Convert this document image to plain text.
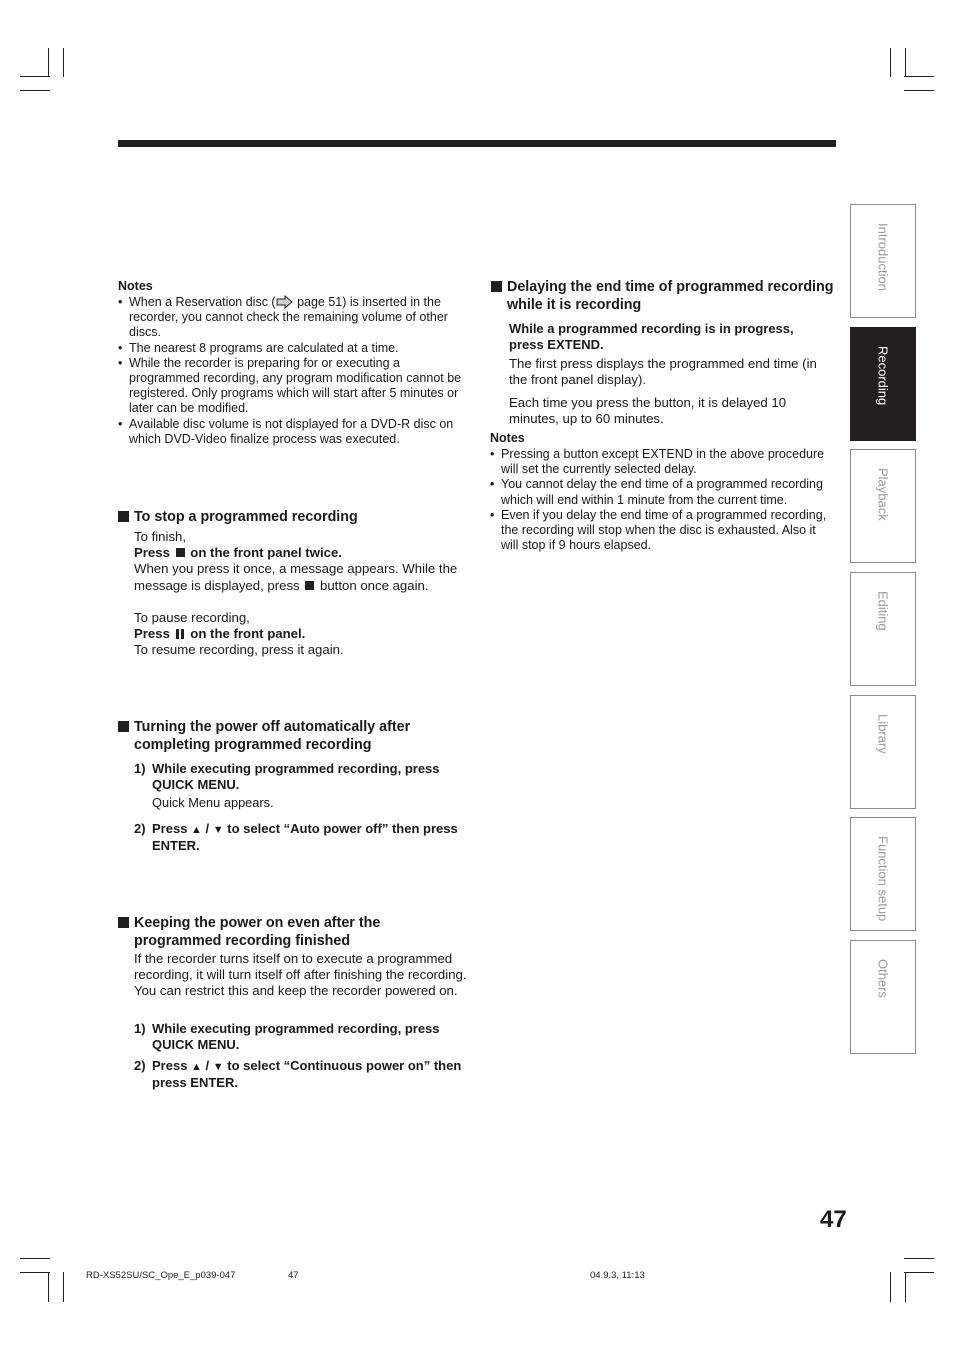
Notes
• When a Reservation disc ( page 51) is inserted in the recorder, you cannot check the remaining volume of other discs.
• The nearest 8 programs are calculated at a time.
• While the recorder is preparing for or executing a programmed recording, any program modification cannot be registered. Only programs which will start after 5 minutes or later can be modified.
• Available disc volume is not displayed for a DVD-R disc on which DVD-Video finalize process was executed.
To stop a programmed recording
To finish,
Press on the front panel twice.
When you press it once, a message appears. While the message is displayed, press button once again.
To pause recording,
Press on the front panel.
To resume recording, press it again.
Turning the power off automatically after
completing programmed recording
1) While executing programmed recording, press QUICK MENU.
Quick Menu appears.
2) Press ▲ / ▼ to select “Auto power off” then press ENTER.
Keeping the power on even after the
programmed recording finished
If the recorder turns itself on to execute a programmed recording, it will turn itself off after finishing the recording. You can restrict this and keep the recorder powered on.
1) While executing programmed recording, press QUICK MENU.
2) Press ▲ / ▼ to select “Continuous power on” then press ENTER.
Delaying the end time of programmed recording
while it is recording
While a programmed recording is in progress, press EXTEND.
The first press displays the programmed end time (in the front panel display).
Each time you press the button, it is delayed 10 minutes, up to 60 minutes.
Notes
• Pressing a button except EXTEND in the above procedure will set the currently selected delay.
• You cannot delay the end time of a programmed recording which will end within 1 minute from the current time.
• Even if you delay the end time of a programmed recording, the recording will stop when the disc is exhausted. Also it will stop if 9 hours elapsed.
Introduction
Recording
Playback
Editing
Library
Function setup
Others
47
RD-XS52SU/SC_Ope_E_p039-047	47	04.9.3, 11:13
